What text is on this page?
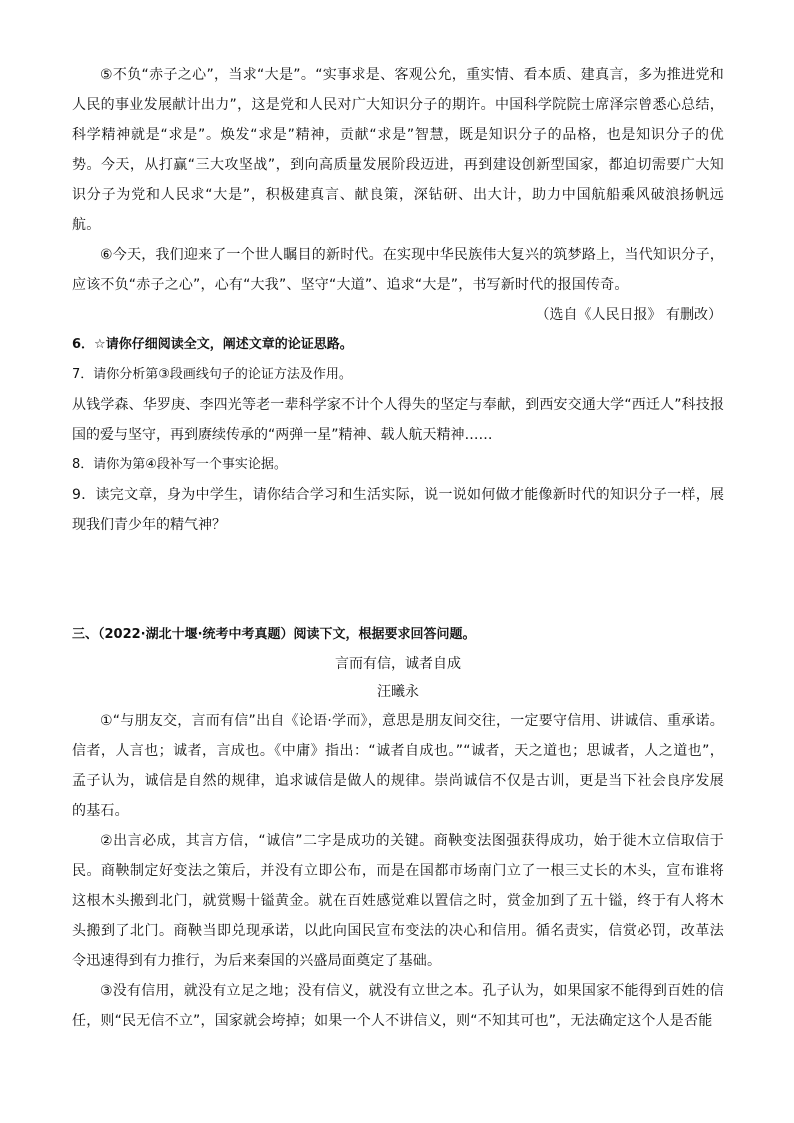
⑤不负“赤子之心”，当求“大是”。“实事求是、客观公允，重实情、看本质、建真言，多为推进党和人民的事业发展献计出力”，这是党和人民对广大知识分子的期许。中国科学院院士席泽宗曾悉心总结，科学精神就是“求是”。焕发“求是”精神，贡献“求是”智慧，既是知识分子的品格，也是知识分子的优势。今天，从打赢“三大攻坚战”，到向高质量发展阶段迈进，再到建设创新型国家，都迫切需要广大知识分子为党和人民求“大是”，积极建真言、献良策，深钻研、出大计，助力中国航船乘风破浪扬帆远航。

⑥今天，我们迎来了一个世人瞩目的新时代。在实现中华民族伟大复兴的筑梦路上，当代知识分子，应该不负“赤子之心”，心有“大我”、坚守“大道”、追求“大是”，书写新时代的报国传奇。

（选自《人民日报》 有删改）

6．☆请你仔细阅读全文，阐述文章的论证思路。

7．请你分析第③段画线句子的论证方法及作用。

从钱学森、华罗庚、李四光等老一辈科学家不计个人得失的坚定与奉献，到西安交通大学“西迁人”科技报国的爱与坚守，再到赓续传承的“两弹一星”精神、载人航天精神……

8．请你为第④段补写一个事实论据。

9．读完文章，身为中学生，请你结合学习和生活实际，说一说如何做才能像新时代的知识分子一样，展现我们青少年的精气神？

三、（2022·湖北十堰·统考中考真题）阅读下文，根据要求回答问题。

言而有信，诚者自成

汪曦永

①“与朋友交，言而有信”出自《论语·学而》，意思是朋友间交往，一定要守信用、讲诚信、重承诺。信者，人言也；诚者，言成也。《中庸》指出：“诚者自成也。”“诚者，天之道也；思诚者，人之道也”，孟子认为，诚信是自然的规律，追求诚信是做人的规律。崇尚诚信不仅是古训，更是当下社会良序发展的基石。

②出言必成，其言方信，“诚信”二字是成功的关键。商鞅变法图强获得成功，始于徙木立信取信于民。商鞅制定好变法之策后，并没有立即公布，而是在国都市场南门立了一根三丈长的木头，宣布谁将这根木头搬到北门，就赏赐十镒黄金。就在百姓感觉难以置信之时，赏金加到了五十镒，终于有人将木头搬到了北门。商鞅当即兑现承诺，以此向国民宣布变法的决心和信用。循名责实，信赏必罚，改革法令迅速得到有力推行，为后来秦国的兴盛局面奠定了基础。

③没有信用，就没有立足之地；没有信义，就没有立世之本。孔子认为，如果国家不能得到百姓的信任，则“民无信不立”，国家就会垮掉；如果一个人不讲信义，则“不知其可也”，无法确定这个人是否能
